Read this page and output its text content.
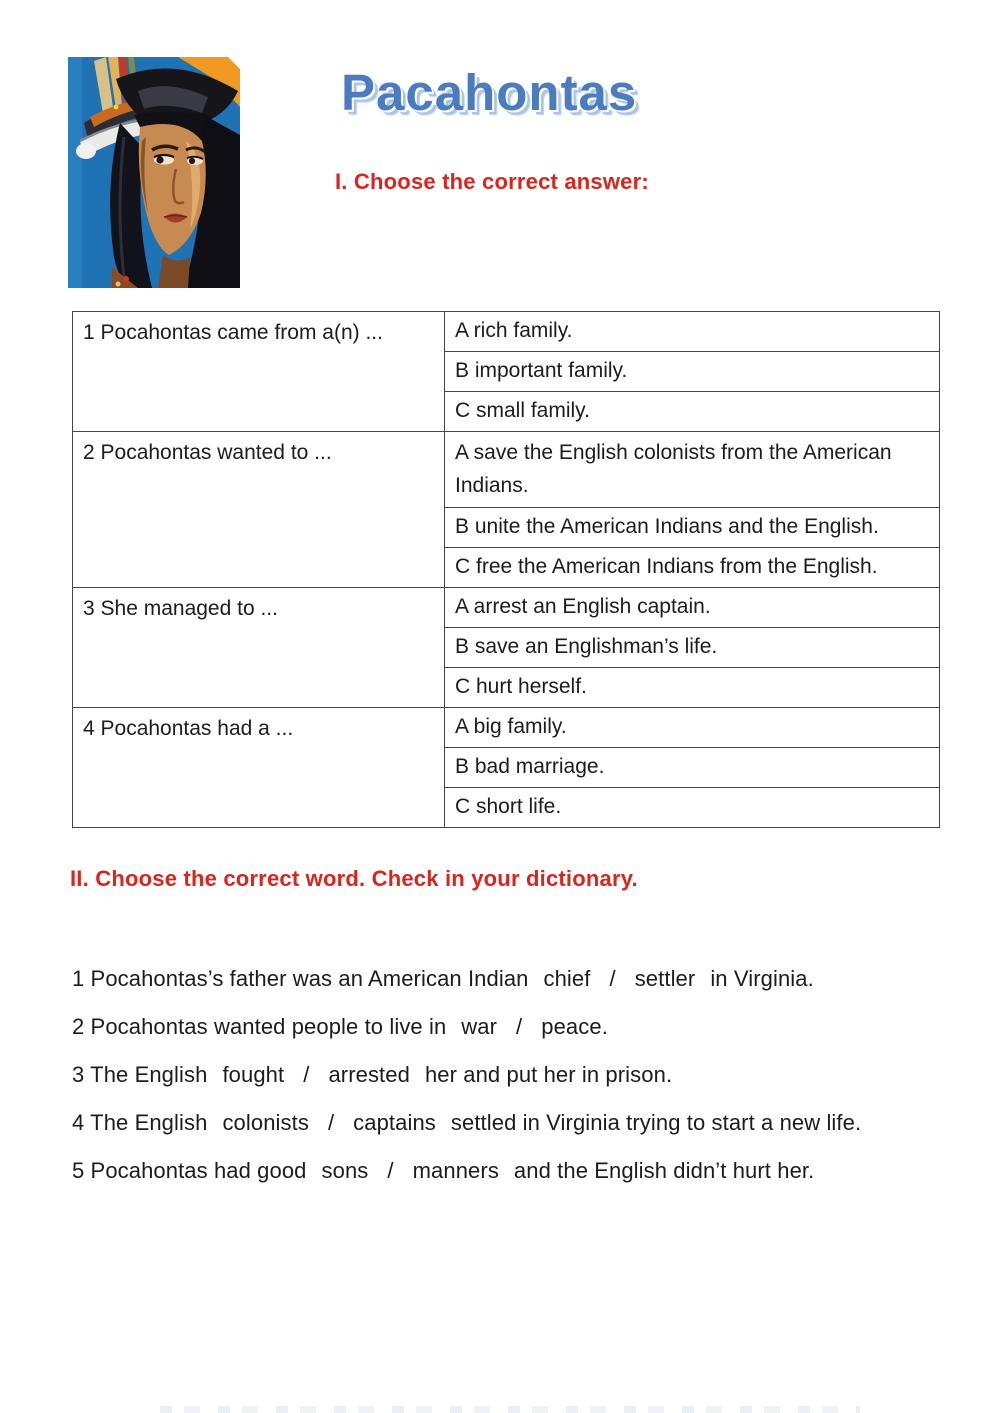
Pacahontas
I. Choose the correct answer:
1 Pocahontas came from a(n) ...	A rich family.
	B important family.
	C small family.
2 Pocahontas wanted to ...	A save the English colonists from the American Indians.
	B unite the American Indians and the English.
	C free the American Indians from the English.
3 She managed to ...	A arrest an English captain.
	B save an Englishman’s life.
	C hurt herself.
4 Pocahontas had a ...	A big family.
	B bad marriage.
	C short life.
II. Choose the correct word. Check in your dictionary.
1 Pocahontas’s father was an American Indian chief / settler in Virginia.
2 Pocahontas wanted people to live in war / peace.
3 The English fought / arrested her and put her in prison.
4 The English colonists / captains settled in Virginia trying to start a new life.
5 Pocahontas had good sons / manners and the English didn’t hurt her.
